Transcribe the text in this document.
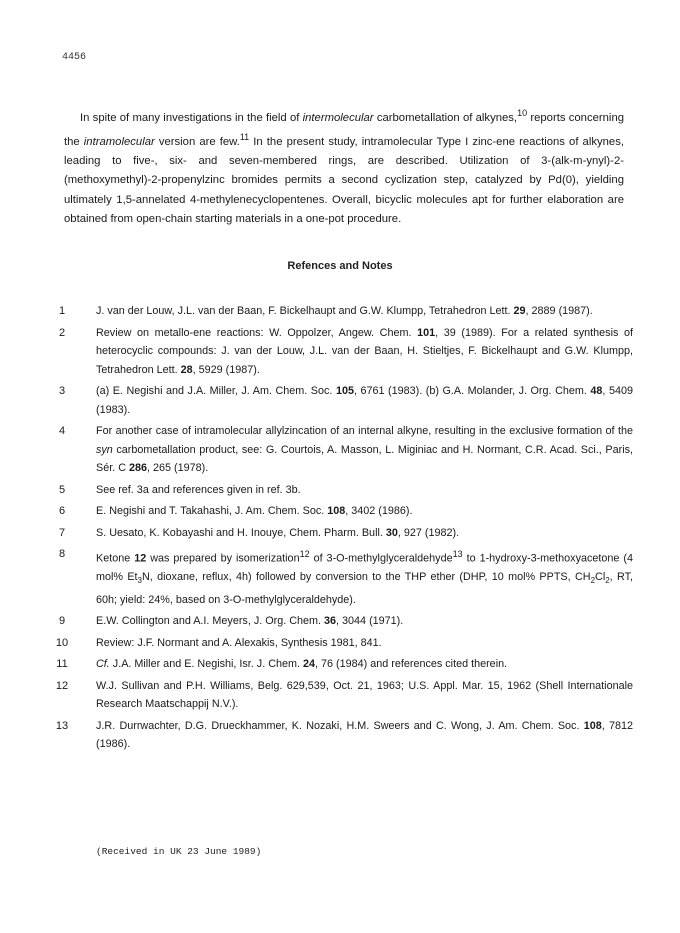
4456

In spite of many investigations in the field of intermolecular carbometallation of alkynes,$^{10}$ reports concerning the intramolecular version are few.$^{11}$ In the present study, intramolecular Type I zinc-ene reactions of alkynes, leading to five-, six- and seven-membered rings, are described. Utilization of 3-(alk-m-ynyl)-2-(methoxymethyl)-2-propenylzinc bromides permits a second cyclization step, catalyzed by Pd(0), yielding ultimately 1,5-annelated 4-methylenecyclopentenes. Overall, bicyclic molecules apt for further elaboration are obtained from open-chain starting materials in a one-pot procedure.

Refences and Notes
1	J. van der Louw, J.L. van der Baan, F. Bickelhaupt and G.W. Klumpp, Tetrahedron Lett. 29, 2889 (1987).
2	Review on metallo-ene reactions: W. Oppolzer, Angew. Chem. 101, 39 (1989). For a related synthesis of heterocyclic compounds: J. van der Louw, J.L. van der Baan, H. Stieltjes, F. Bickelhaupt and G.W. Klumpp, Tetrahedron Lett. 28, 5929 (1987).
3	(a) E. Negishi and J.A. Miller, J. Am. Chem. Soc. 105, 6761 (1983). (b) G.A. Molander, J. Org. Chem. 48, 5409 (1983).
4	For another case of intramolecular allylzincation of an internal alkyne, resulting in the exclusive formation of the syn carbometallation product, see: G. Courtois, A. Masson, L. Miginiac and H. Normant, C.R. Acad. Sci., Paris, Sér. C 286, 265 (1978).
5	See ref. 3a and references given in ref. 3b.
6	E. Negishi and T. Takahashi, J. Am. Chem. Soc. 108, 3402 (1986).
7	S. Uesato, K. Kobayashi and H. Inouye, Chem. Pharm. Bull. 30, 927 (1982).
8	Ketone 12 was prepared by isomerization$^{12}$ of 3-O-methylglyceraldehyde$^{13}$ to 1-hydroxy-3-methoxyacetone (4 mol% $Et_3N$, dioxane, reflux, 4h) followed by conversion to the THP ether (DHP, 10 mol% PPTS, $CH_2Cl_2$, RT, 60h; yield: 24%, based on 3-O-methylglyceraldehyde).
9	E.W. Collington and A.I. Meyers, J. Org. Chem. 36, 3044 (1971).
10	Review: J.F. Normant and A. Alexakis, Synthesis 1981, 841.
11	Cf. J.A. Miller and E. Negishi, Isr. J. Chem. 24, 76 (1984) and references cited therein.
12	W.J. Sullivan and P.H. Williams, Belg. 629,539, Oct. 21, 1963; U.S. Appl. Mar. 15, 1962 (Shell Internationale Research Maatschappij N.V.).
13	J.R. Durrwachter, D.G. Drueckhammer, K. Nozaki, H.M. Sweers and C. Wong, J. Am. Chem. Soc. 108, 7812 (1986).
(Received in UK 23 June 1989)
